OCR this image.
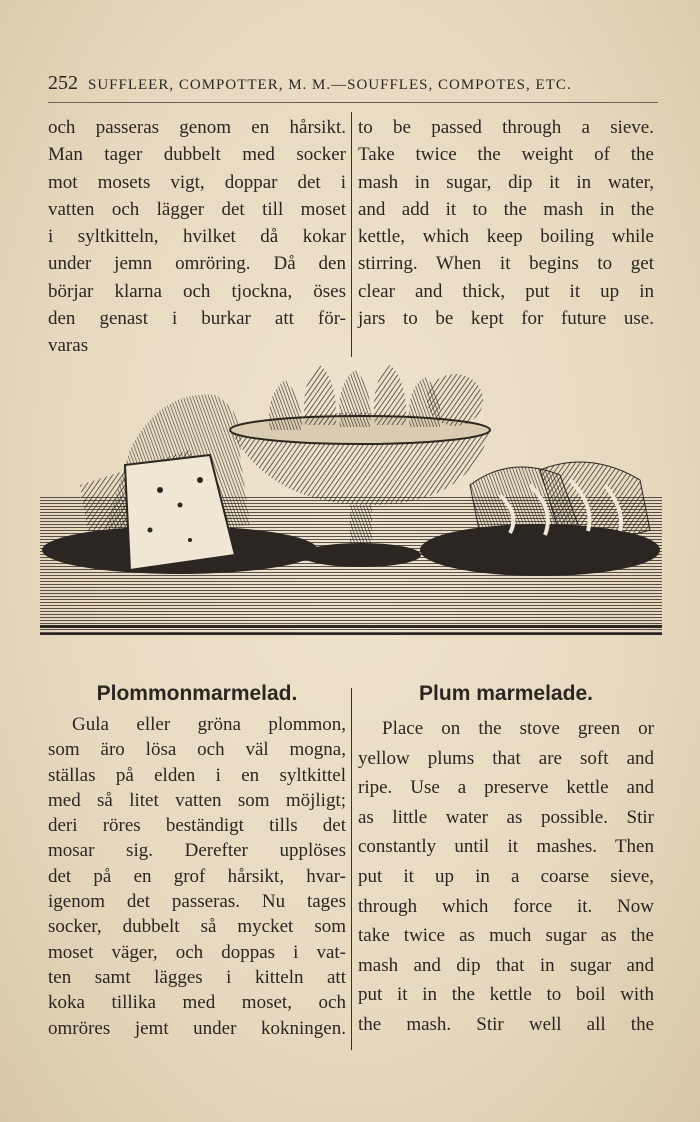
252 SUFFLEER, COMPOTTER, M. M.—SOUFFLES, COMPOTES, ETC.

och passeras genom en hårsikt.

Man tager dubbelt med socker

mot mosets vigt, doppar det i

vatten och lägger det till moset

i syltkitteln, hvilket då kokar

under jemn omröring. Då den

börjar klarna och tjockna, öses

den genast i burkar att för-

varas

to be passed through a sieve.

Take twice the weight of the

mash in sugar, dip it in water,

and add it to the mash in the

kettle, which keep boiling while

stirring. When it begins to get

clear and thick, put it up in

jars to be kept for future use.

Plommonmarmelad.	Plum marmelade.

Gula eller gröna plommon,

som äro lösa och väl mogna,

ställas på elden i en syltkittel

med så litet vatten som möjligt;

deri röres beständigt tills det

mosar sig. Derefter upplöses

det på en grof hårsikt, hvar-

igenom det passeras. Nu tages

socker, dubbelt så mycket som

moset väger, och doppas i vat-

ten samt lägges i kitteln att

koka tillika med moset, och

omröres jemt under kokningen.

Place on the stove green or

yellow plums that are soft and

ripe. Use a preserve kettle and

as little water as possible. Stir

constantly until it mashes. Then

put it up in a coarse sieve,

through which force it. Now

take twice as much sugar as the

mash and dip that in sugar and

put it in the kettle to boil with

the mash. Stir well all the
